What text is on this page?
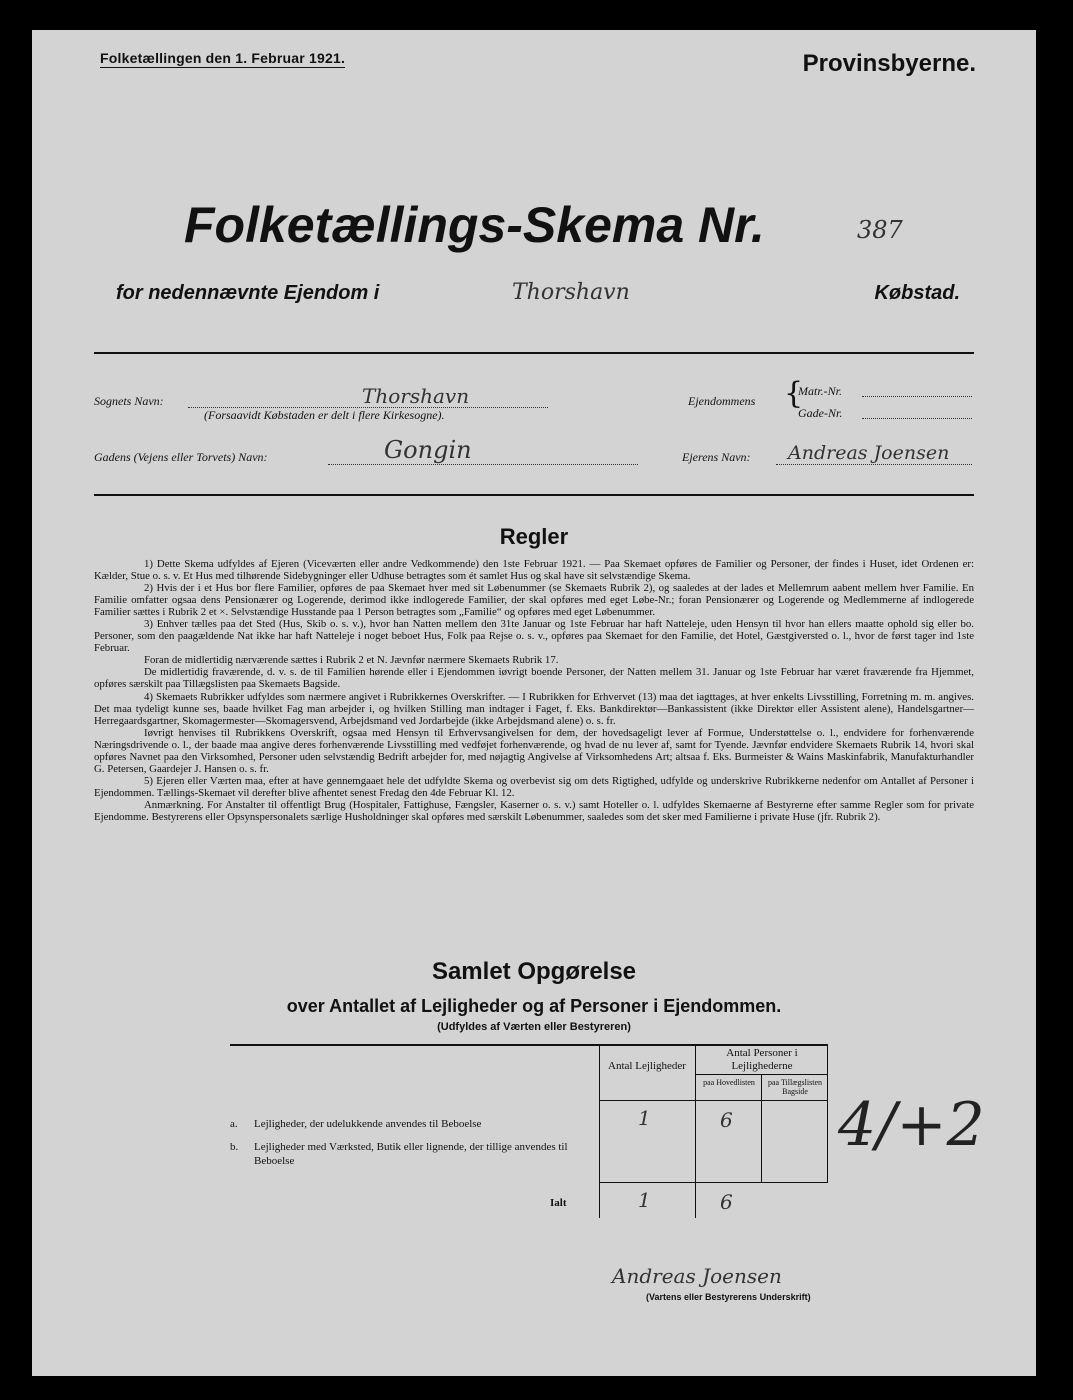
Folketællingen den 1. Februar 1921.	Provinsbyerne.
Folketællings-Skema Nr.	387
for nedennævnte Ejendom i	Thorshavn	Købstad.
Sognets Navn:	Thorshavn
(Forsaavidt Købstaden er delt i flere Kirkesogne).
Ejendommens {
Matr.-Nr.
Gade-Nr.
Gadens (Vejens eller Torvets) Navn:	Gongin	Ejerens Navn: Andreas Joensen
Regler

1) Dette Skema udfyldes af Ejeren (Viceværten eller andre Vedkommende) den 1ste Februar 1921. — Paa Skemaet opføres de Familier og Personer, der findes i Huset, idet Ordenen er: Kælder, Stue o. s. v. Et Hus med tilhørende Sidebygninger eller Udhuse betragtes som ét samlet Hus og skal have sit selvstændige Skema.

2) Hvis der i et Hus bor flere Familier, opføres de paa Skemaet hver med sit Løbenummer (se Skemaets Rubrik 2), og saaledes at der lades et Mellemrum aabent mellem hver Familie. En Familie omfatter ogsaa dens Pensionærer og Logerende, derimod ikke indlogerede Familier, der skal opføres med eget Løbe-Nr.; foran Pensionærer og Logerende og Medlemmerne af indlogerede Familier sættes i Rubrik 2 et ×. Selvstændige Husstande paa 1 Person betragtes som „Familie“ og opføres med eget Løbenummer.

3) Enhver tælles paa det Sted (Hus, Skib o. s. v.), hvor han Natten mellem den 31te Januar og 1ste Februar har haft Natteleje, uden Hensyn til hvor han ellers maatte ophold sig eller bo. Personer, som den paagældende Nat ikke har haft Natteleje i noget beboet Hus, Folk paa Rejse o. s. v., opføres paa Skemaet for den Familie, det Hotel, Gæstgiversted o. l., hvor de først tager ind 1ste Februar.

Foran de midlertidig nærværende sættes i Rubrik 2 et N. Jævnfør nærmere Skemaets Rubrik 17.

De midlertidig fraværende, d. v. s. de til Familien hørende eller i Ejendommen iøvrigt boende Personer, der Natten mellem 31. Januar og 1ste Februar har været fraværende fra Hjemmet, opføres særskilt paa Tillægslisten paa Skemaets Bagside.

4) Skemaets Rubrikker udfyldes som nærmere angivet i Rubrikkernes Overskrifter. — I Rubrikken for Erhvervet (13) maa det iagttages, at hver enkelts Livsstilling, Forretning m. m. angives. Det maa tydeligt kunne ses, baade hvilket Fag man arbejder i, og hvilken Stilling man indtager i Faget, f. Eks. Bankdirektør—Bankassistent (ikke Direktør eller Assistent alene), Handelsgartner—Herregaardsgartner, Skomagermester—Skomagersvend, Arbejdsmand ved Jordarbejde (ikke Arbejdsmand alene) o. s. fr.

Iøvrigt henvises til Rubrikkens Overskrift, ogsaa med Hensyn til Erhvervsangivelsen for dem, der hovedsageligt lever af Formue, Understøttelse o. l., endvidere for forhenværende Næringsdrivende o. l., der baade maa angive deres forhenværende Livsstilling med vedføjet forhenværende, og hvad de nu lever af, samt for Tyende. Jævnfør endvidere Skemaets Rubrik 14, hvori skal opføres Navnet paa den Virksomhed, Personer uden selvstændig Bedrift arbejder for, med nøjagtig Angivelse af Virksomhedens Art; altsaa f. Eks. Burmeister & Wains Maskinfabrik, Manufakturhandler G. Petersen, Gaardejer J. Hansen o. s. fr.

5) Ejeren eller Værten maa, efter at have gennemgaaet hele det udfyldte Skema og overbevist sig om dets Rigtighed, udfylde og underskrive Rubrikkerne nedenfor om Antallet af Personer i Ejendommen. Tællings-Skemaet vil derefter blive afhentet senest Fredag den 4de Februar Kl. 12.

Anmærkning. For Anstalter til offentligt Brug (Hospitaler, Fattighuse, Fængsler, Kaserner o. s. v.) samt Hoteller o. l. udfyldes Skemaerne af Bestyrerne efter samme Regler som for private Ejendomme. Bestyrerens eller Opsynspersonalets særlige Husholdninger skal opføres med særskilt Løbenummer, saaledes som det sker med Familierne i private Huse (jfr. Rubrik 2).

Samlet Opgørelse
over Antallet af Lejligheder og af Personer i Ejendommen.
(Udfyldes af Værten eller Bestyreren)
Antal Lejligheder
Antal Personer i Lejlighederne
paa Hovedlisten	paa Tillægslisten Bagside
a. Lejligheder, der udelukkende anvendes til Beboelse	1	6
b. Lejligheder med Værksted, Butik eller lignende, der tillige anvendes til Beboelse
Ialt	1	6
4/+2
Andreas Joensen
(Vartens eller Bestyrerens Underskrift)
